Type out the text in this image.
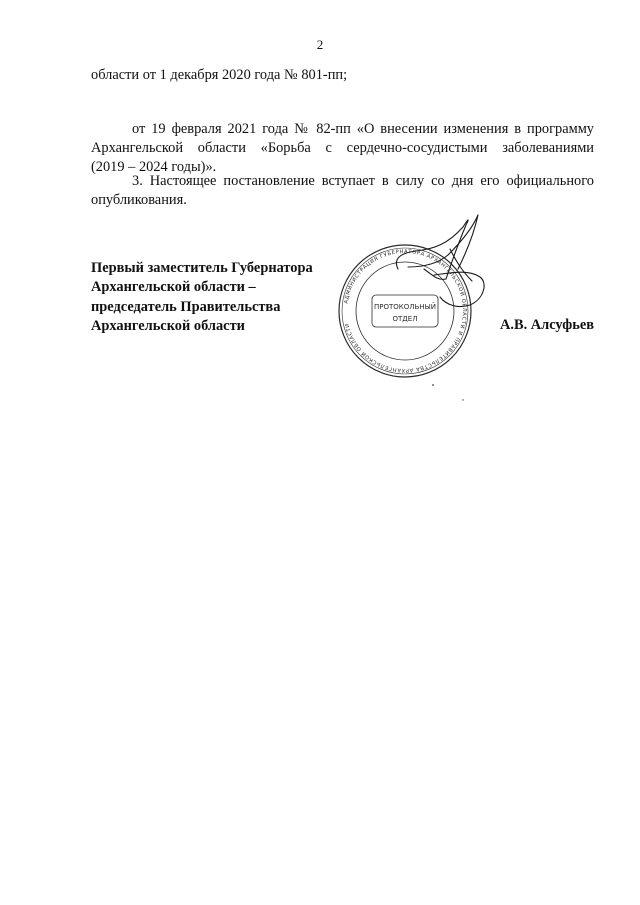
2

области от 1 декабря 2020 года № 801-пп;

от 19 февраля 2021 года № 82-пп «О внесении изменения в программу
Архангельской области «Борьба с сердечно-сосудистыми заболеваниями
(2019 – 2024 годы)».

3. Настоящее постановление вступает в силу со дня его официального
опубликования.

Первый заместитель Губернатора
Архангельской области –
председатель Правительства
Архангельской области	А.В. Алсуфьев
АДМИНИСТРАЦИЯ ГУБЕРНАТОРА АРХАНГЕЛЬСКОЙ ОБЛАСТИ И ПРАВИТЕЛЬСТВА АРХАНГЕЛЬСКОЙ ОБЛАСТИ
ПРОТОКОЛЬНЫЙ
ОТДЕЛ
